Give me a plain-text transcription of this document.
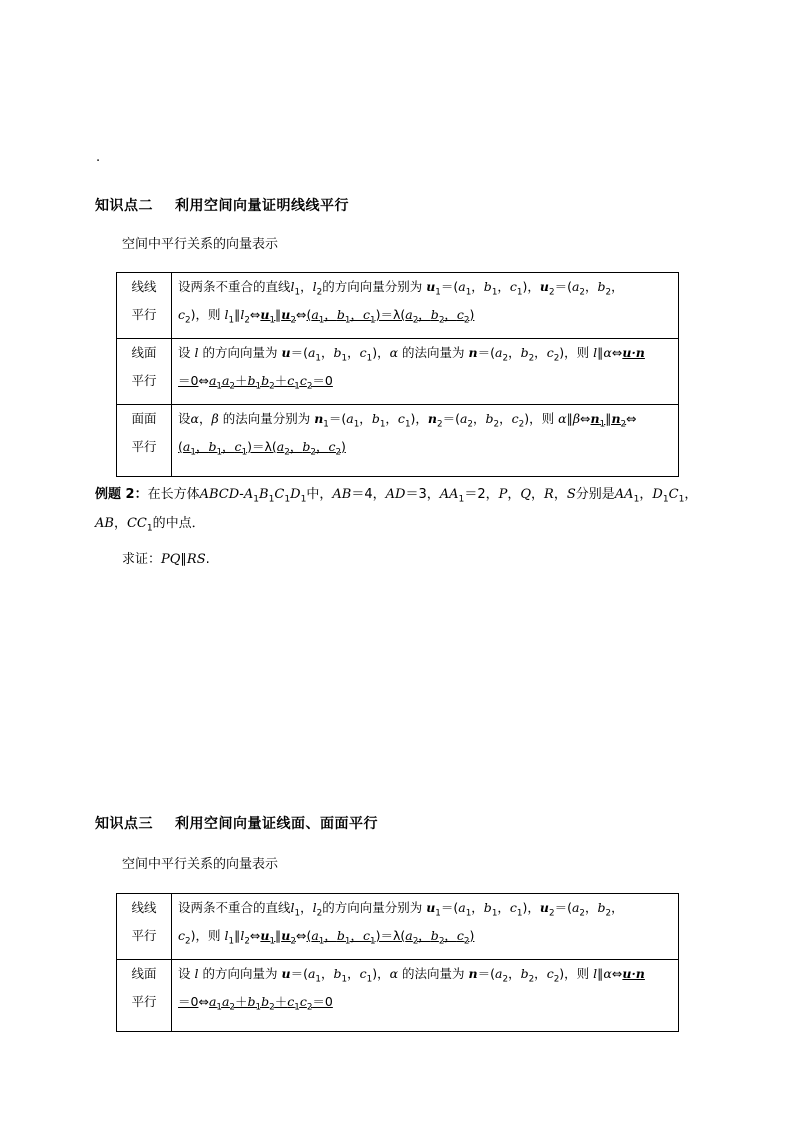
.
知识点二 利用空间向量证明线线平行
空间中平行关系的向量表示
线线
平行	设两条不重合的直线$l_1$，$l_2$的方向向量分别为 $u_1=(a_1$，$b_1$，$c_1$)，$u_2=(a_2$，$b_2$，
$c_2$)，则 $l_1\parallel l_2\Leftrightarrow u_1\parallel u_2\Leftrightarrow(a_1$，$b_1$，$c_1)=\lambda(a_2$，$b_2$，$c_2$)
线面
平行	设 l 的方向向量为 $u=(a_1$，$b_1$，$c_1$)，α 的法向量为 $n=(a_2$，$b_2$，$c_2$)，则 l∥α⇔u·n
$=0\Leftrightarrow a_1a_2+b_1b_2+c_1c_2=0$
面面
平行	设α，β 的法向量分别为 $n_1=(a_1$，$b_1$，$c_1$)，$n_2=(a_2$，$b_2$，$c_2$)，则 $\alpha\parallel\beta\Leftrightarrow n_1\parallel n_2\Leftrightarrow$
($a_1$，$b_1$，$c_1)=\lambda(a_2$，$b_2$，$c_2$)
例题 2：在长方体ABCD-$A_1B_1C_1D_1$中，AB＝4，AD＝3，$AA_1=2$，P，Q，R，S分别是$AA_1$，$D_1C_1$，
AB，$CC_1$的中点．
求证：PQ∥RS.
知识点三 利用空间向量证线面、面面平行
空间中平行关系的向量表示
线线
平行	设两条不重合的直线$l_1$，$l_2$的方向向量分别为 $u_1=(a_1$，$b_1$，$c_1$)，$u_2=(a_2$，$b_2$，
$c_2$)，则 $l_1\parallel l_2\Leftrightarrow u_1\parallel u_2\Leftrightarrow(a_1$，$b_1$，$c_1)=\lambda(a_2$，$b_2$，$c_2$)
线面
平行	设 l 的方向向量为 $u=(a_1$，$b_1$，$c_1$)，α 的法向量为 $n=(a_2$，$b_2$，$c_2$)，则 l∥α⇔u·n
$=0\Leftrightarrow a_1a_2+b_1b_2+c_1c_2=0$
